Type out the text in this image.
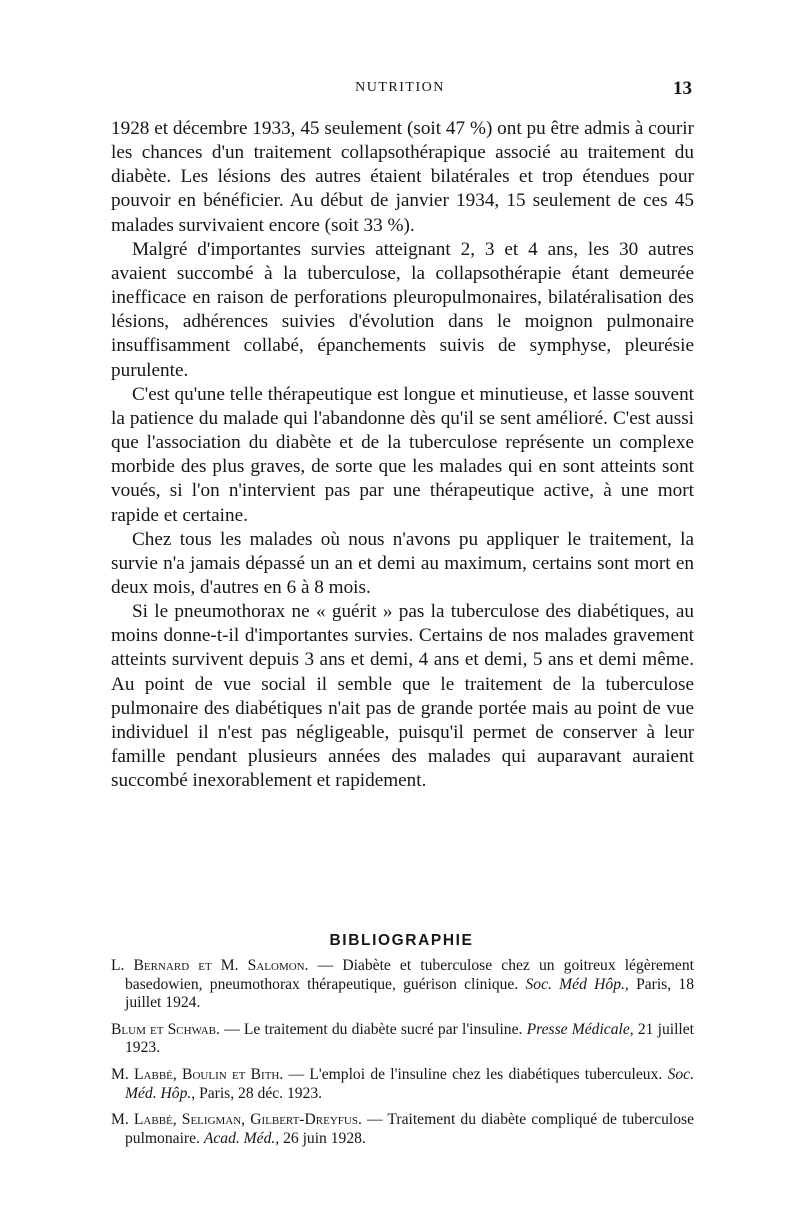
NUTRITION	13

1928 et décembre 1933, 45 seulement (soit 47 %) ont pu être admis à courir les chances d'un traitement collapsothérapique associé au traitement du diabète. Les lésions des autres étaient bilatérales et trop étendues pour pouvoir en bénéficier. Au début de janvier 1934, 15 seulement de ces 45 malades survivaient encore (soit 33 %).

Malgré d'importantes survies atteignant 2, 3 et 4 ans, les 30 autres avaient succombé à la tuberculose, la collapsothérapie étant demeurée inefficace en raison de perforations pleuropulmonaires, bilatéralisation des lésions, adhérences suivies d'évolution dans le moignon pulmonaire insuffisamment collabé, épanchements suivis de symphyse, pleurésie purulente.

C'est qu'une telle thérapeutique est longue et minutieuse, et lasse souvent la patience du malade qui l'abandonne dès qu'il se sent amélioré. C'est aussi que l'association du diabète et de la tuberculose représente un complexe morbide des plus graves, de sorte que les malades qui en sont atteints sont voués, si l'on n'intervient pas par une thérapeutique active, à une mort rapide et certaine.

Chez tous les malades où nous n'avons pu appliquer le traitement, la survie n'a jamais dépassé un an et demi au maximum, certains sont mort en deux mois, d'autres en 6 à 8 mois.

Si le pneumothorax ne « guérit » pas la tuberculose des diabétiques, au moins donne-t-il d'importantes survies. Certains de nos malades gravement atteints survivent depuis 3 ans et demi, 4 ans et demi, 5 ans et demi même. Au point de vue social il semble que le traitement de la tuberculose pulmonaire des diabétiques n'ait pas de grande portée mais au point de vue individuel il n'est pas négligeable, puisqu'il permet de conserver à leur famille pendant plusieurs années des malades qui auparavant auraient succombé inexorablement et rapidement.

BIBLIOGRAPHIE

L. Bernard et M. Salomon. — Diabète et tuberculose chez un goitreux légèrement basedowien, pneumothorax thérapeutique, guérison clinique. Soc. Méd Hôp., Paris, 18 juillet 1924.

Blum et Schwab. — Le traitement du diabète sucré par l'insuline. Presse Médicale, 21 juillet 1923.

M. Labbé, Boulin et Bith. — L'emploi de l'insuline chez les diabétiques tuberculeux. Soc. Méd. Hôp., Paris, 28 déc. 1923.

M. Labbé, Seligman, Gilbert-Dreyfus. — Traitement du diabète compliqué de tuberculose pulmonaire. Acad. Méd., 26 juin 1928.
